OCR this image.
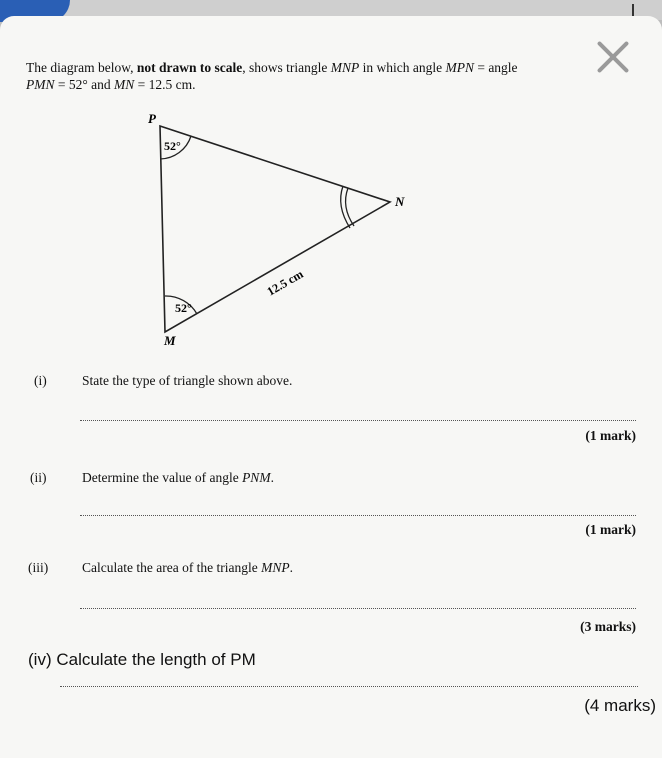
The diagram below, not drawn to scale, shows triangle MNP in which angle MPN = angle
PMN = 52° and MN = 12.5 cm.
P
N
M
52°
52°
12.5 cm
(i)	State the type of triangle shown above.
(1 mark)
(ii)	Determine the value of angle PNM.
(1 mark)
(iii)	Calculate the area of the triangle MNP.
(3 marks)
(iv) Calculate the length of PM
(4 marks)
